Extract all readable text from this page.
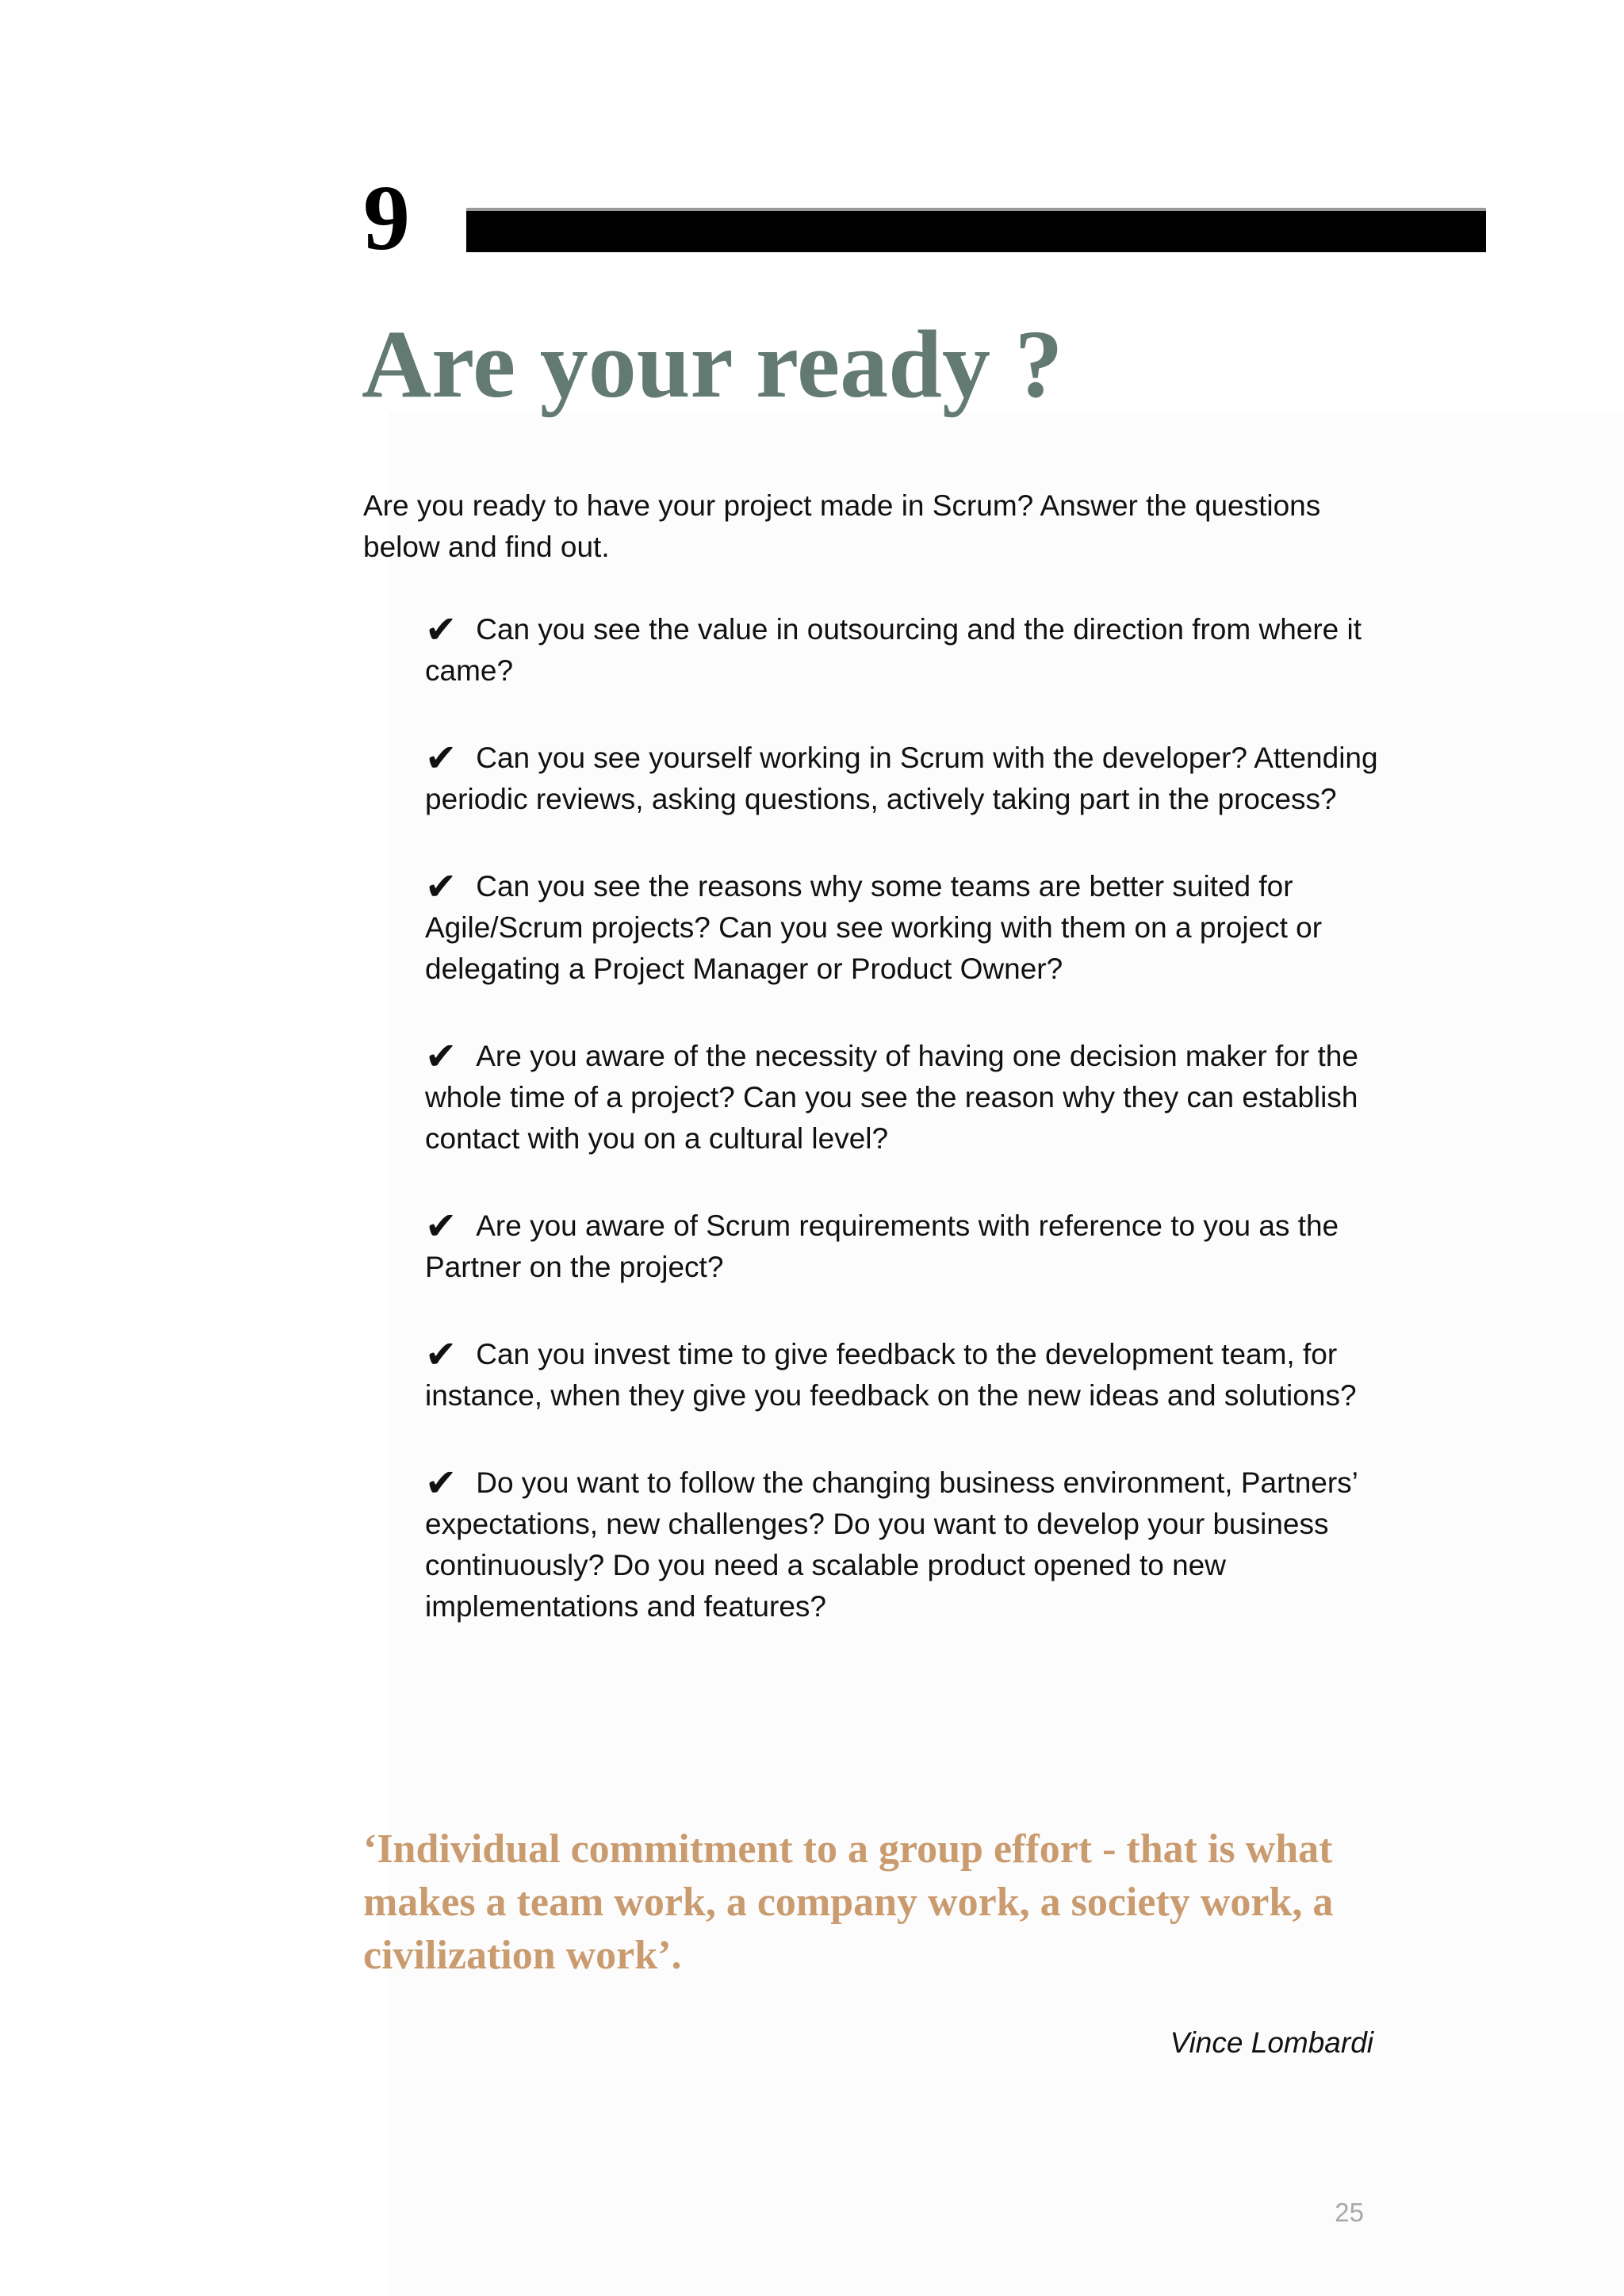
9
Are your ready ?

Are you ready to have your project made in Scrum? Answer the questions below and find out.

✔ Can you see the value in outsourcing and the direction from where it came?
✔ Can you see yourself working in Scrum with the developer? Attending periodic reviews, asking questions, actively taking part in the process?
✔ Can you see the reasons why some teams are better suited for Agile/Scrum projects? Can you see working with them on a project or delegating a Project Manager or Product Owner?
✔ Are you aware of the necessity of having one decision maker for the whole time of a project? Can you see the reason why they can establish contact with you on a cultural level?
✔ Are you aware of Scrum requirements with reference to you as the Partner on the project?
✔ Can you invest time to give feedback to the development team, for instance, when they give you feedback on the new ideas and solutions?
✔ Do you want to follow the changing business environment, Partners’ expectations, new challenges? Do you want to develop your business continuously? Do you need a scalable product opened to new implementations and features?

‘Individual commitment to a group effort - that is what makes a team work, a company work, a society work, a civilization work’.

Vince Lombardi
25
